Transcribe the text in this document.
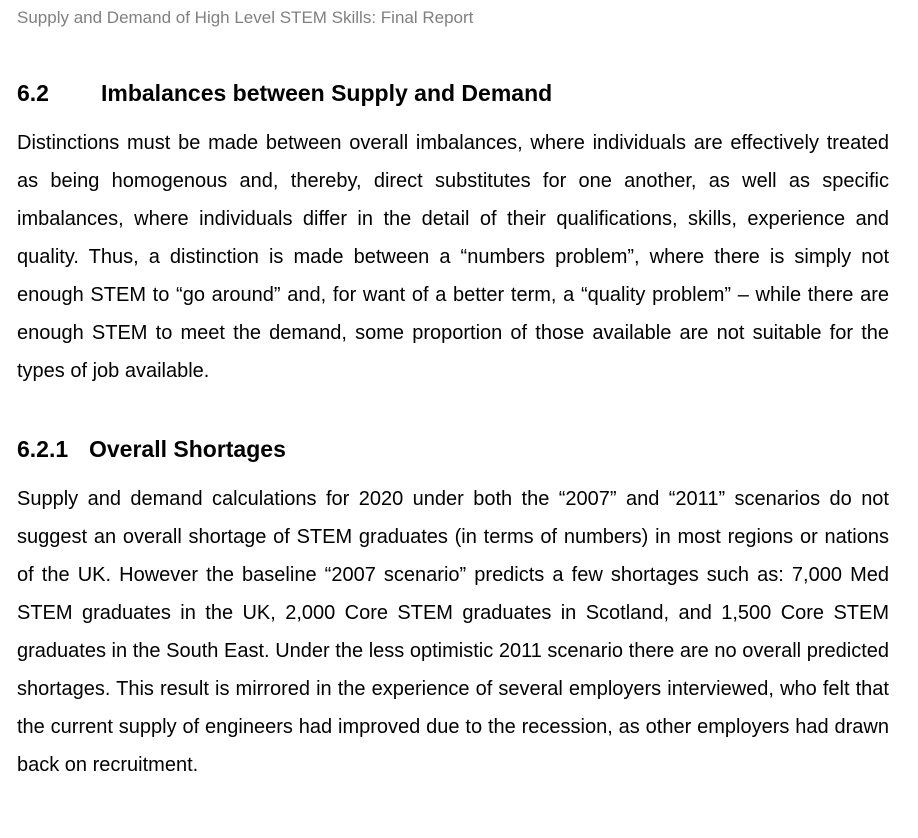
Supply and Demand of High Level STEM Skills: Final Report
6.2	Imbalances between Supply and Demand

Distinctions must be made between overall imbalances, where individuals are effectively treated as being homogenous and, thereby, direct substitutes for one another, as well as specific imbalances, where individuals differ in the detail of their qualifications, skills, experience and quality. Thus, a distinction is made between a “numbers problem”, where there is simply not enough STEM to “go around” and, for want of a better term, a “quality problem” – while there are enough STEM to meet the demand, some proportion of those available are not suitable for the types of job available.

6.2.1 Overall Shortages

Supply and demand calculations for 2020 under both the “2007” and “2011” scenarios do not suggest an overall shortage of STEM graduates (in terms of numbers) in most regions or nations of the UK. However the baseline “2007 scenario” predicts a few shortages such as: 7,000 Med STEM graduates in the UK, 2,000 Core STEM graduates in Scotland, and 1,500 Core STEM graduates in the South East. Under the less optimistic 2011 scenario there are no overall predicted shortages. This result is mirrored in the experience of several employers interviewed, who felt that the current supply of engineers had improved due to the recession, as other employers had drawn back on recruitment.
